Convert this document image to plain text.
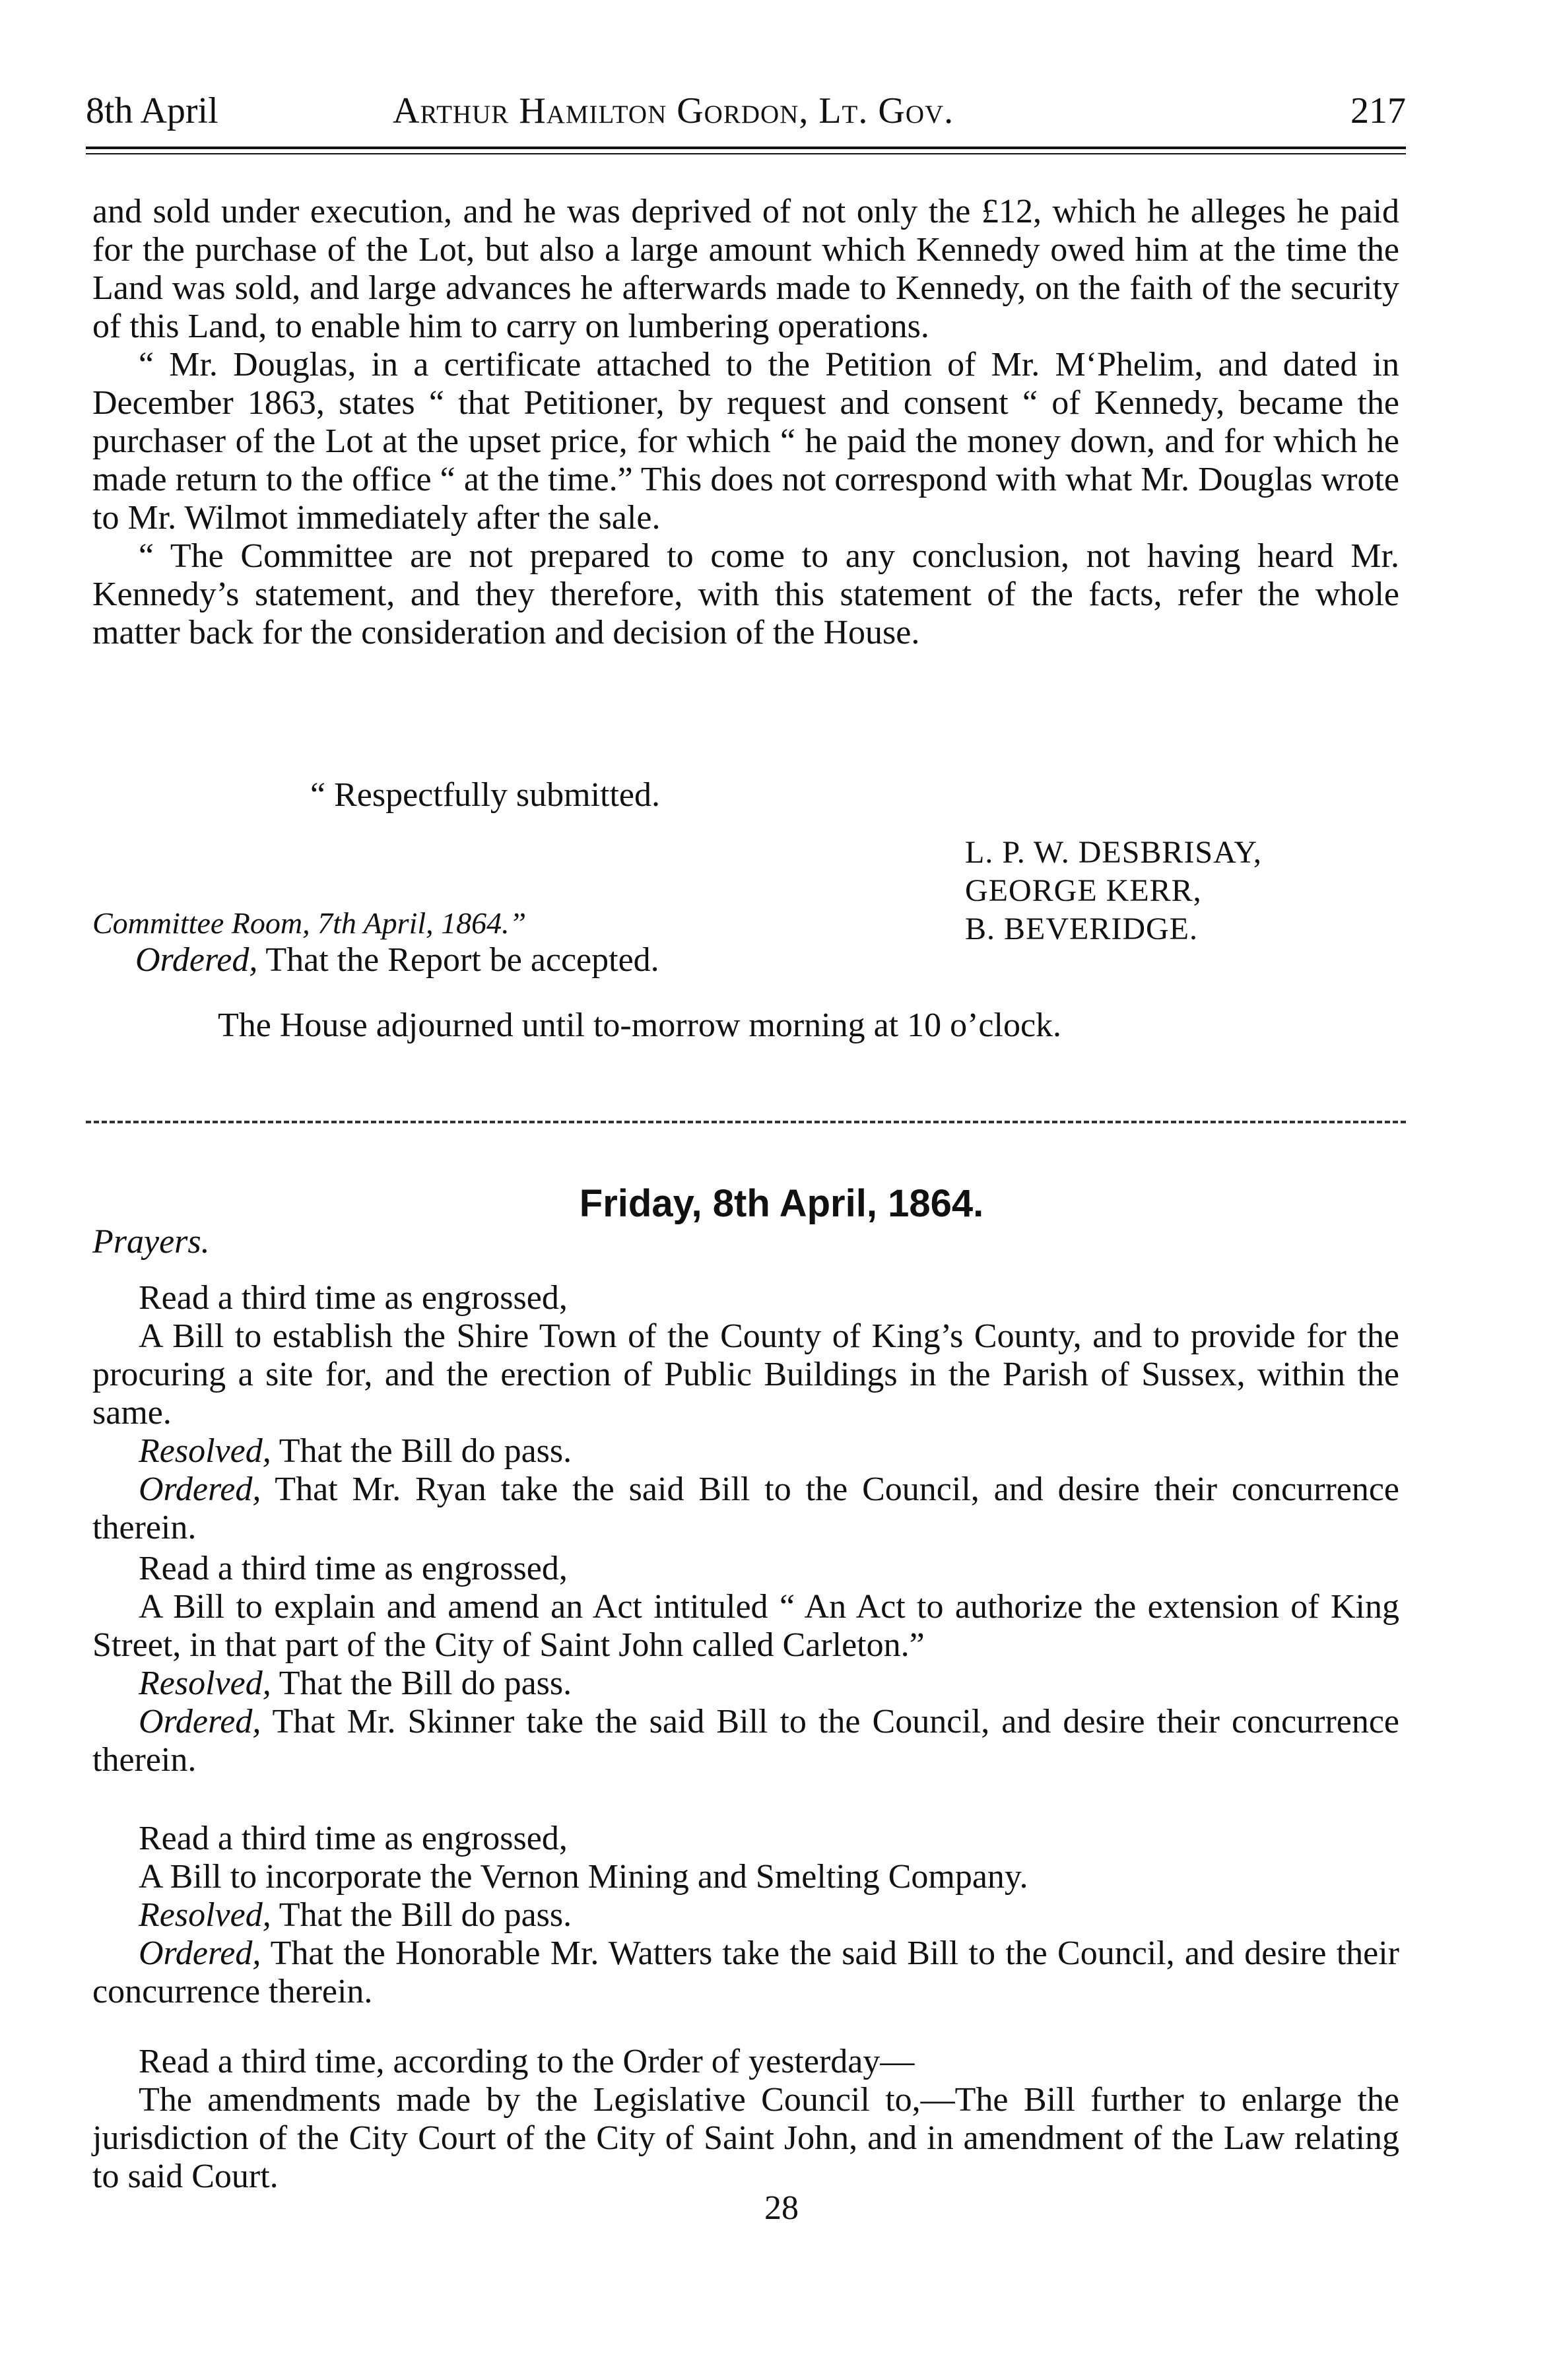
8th April	Arthur Hamilton Gordon, Lt. Gov.	217

and sold under execution, and he was deprived of not only the £12, which he alleges he paid for the purchase of the Lot, but also a large amount which Kennedy owed him at the time the Land was sold, and large advances he afterwards made to Kennedy, on the faith of the security of this Land, to enable him to carry on lumbering operations.

“ Mr. Douglas, in a certificate attached to the Petition of Mr. M‘Phelim, and dated in December 1863, states “ that Petitioner, by request and consent “ of Kennedy, became the purchaser of the Lot at the upset price, for which “ he paid the money down, and for which he made return to the office “ at the time.” This does not correspond with what Mr. Douglas wrote to Mr. Wilmot immediately after the sale.

“ The Committee are not prepared to come to any conclusion, not having heard Mr. Kennedy’s statement, and they therefore, with this statement of the facts, refer the whole matter back for the consideration and decision of the House.

“ Respectfully submitted.
L. P. W. DESBRISAY,
GEORGE KERR,
B. BEVERIDGE.
Committee Room, 7th April, 1864.”
Ordered, That the Report be accepted.
The House adjourned until to-morrow morning at 10 o’clock.
Friday, 8th April, 1864.
Prayers.

Read a third time as engrossed,

A Bill to establish the Shire Town of the County of King’s County, and to provide for the procuring a site for, and the erection of Public Buildings in the Parish of Sussex, within the same.

Resolved, That the Bill do pass.

Ordered, That Mr. Ryan take the said Bill to the Council, and desire their concurrence therein.

Read a third time as engrossed,

A Bill to explain and amend an Act intituled “ An Act to authorize the extension of King Street, in that part of the City of Saint John called Carleton.”

Resolved, That the Bill do pass.

Ordered, That Mr. Skinner take the said Bill to the Council, and desire their concurrence therein.

Read a third time as engrossed,

A Bill to incorporate the Vernon Mining and Smelting Company.

Resolved, That the Bill do pass.

Ordered, That the Honorable Mr. Watters take the said Bill to the Council, and desire their concurrence therein.

Read a third time, according to the Order of yesterday—

The amendments made by the Legislative Council to,—The Bill further to enlarge the jurisdiction of the City Court of the City of Saint John, and in amendment of the Law relating to said Court.

28
